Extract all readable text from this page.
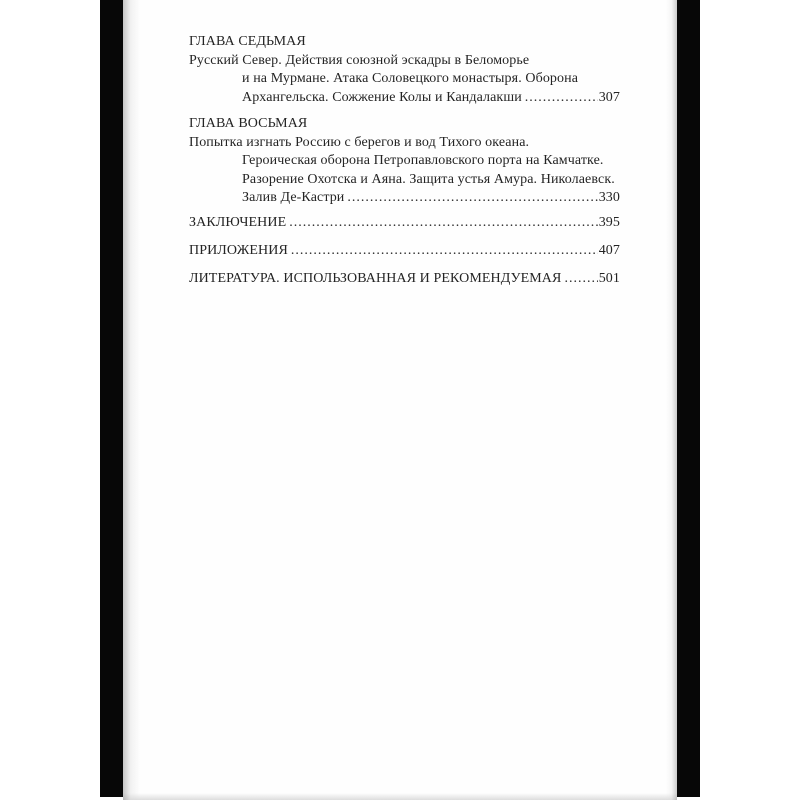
ГЛАВА СЕДЬМАЯ
Русский Север. Действия союзной эскадры в Беломорье
и на Мурмане. Атака Соловецкого монастыря. Оборона
Архангельска. Сожжение Колы и Кандалакши .....	307
ГЛАВА ВОСЬМАЯ
Попытка изгнать Россию с берегов и вод Тихого океана.
Героическая оборона Петропавловского порта на Камчатке.
Разорение Охотска и Аяна. Защита устья Амура. Николаевск.
Залив Де-Кастри .....	330
ЗАКЛЮЧЕНИЕ .....	395
ПРИЛОЖЕНИЯ .....	407
ЛИТЕРАТУРА. ИСПОЛЬЗОВАННАЯ И РЕКОМЕНДУЕМАЯ .....	501
